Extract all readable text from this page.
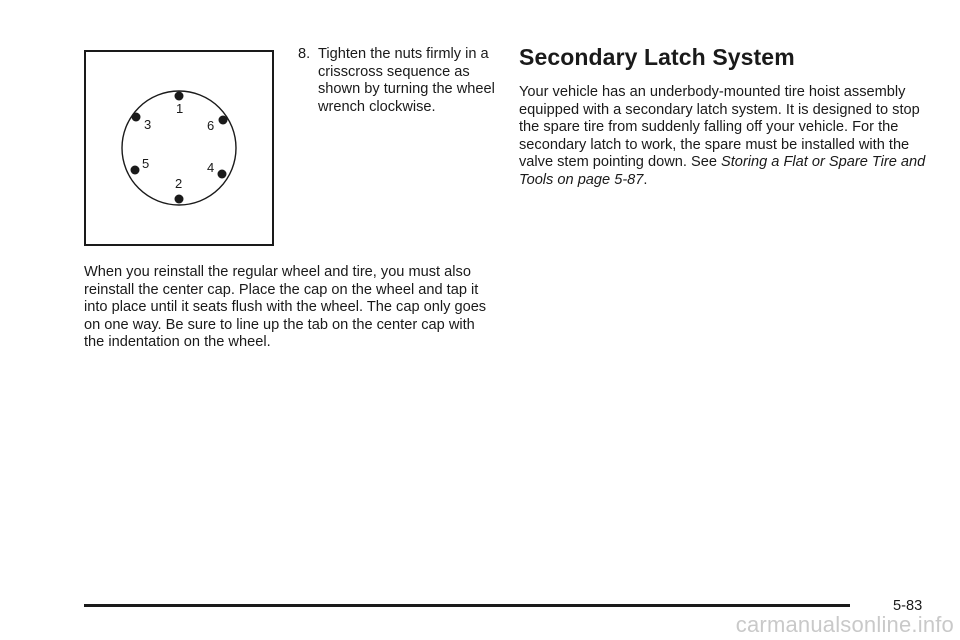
1
2
3
4
5
6
8. Tighten the nuts firmly in a crisscross sequence as shown by turning the wheel wrench clockwise.

When you reinstall the regular wheel and tire, you must also reinstall the center cap. Place the cap on the wheel and tap it into place until it seats flush with the wheel. The cap only goes on one way. Be sure to line up the tab on the center cap with the indentation on the wheel.

Secondary Latch System

Your vehicle has an underbody-mounted tire hoist assembly equipped with a secondary latch system. It is designed to stop the spare tire from suddenly falling off your vehicle. For the secondary latch to work, the spare must be installed with the valve stem pointing down. See Storing a Flat or Spare Tire and Tools on page 5-87.

5-83
carmanualsonline.info
